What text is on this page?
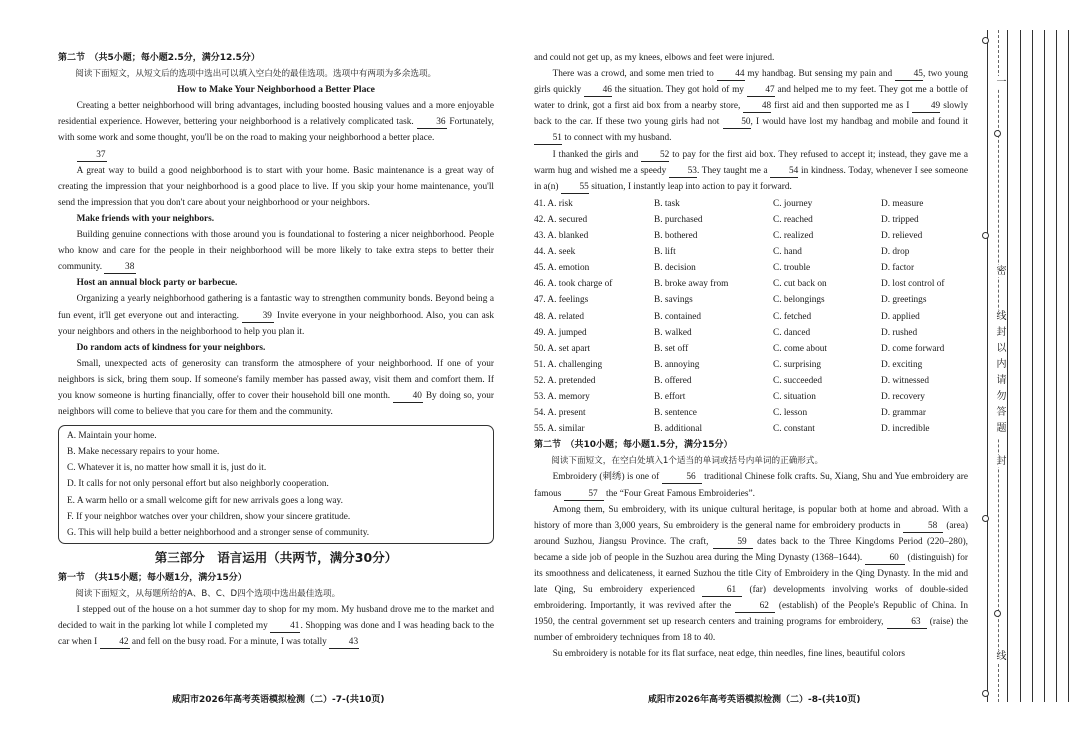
第二节　（共5小题；每小题2.5分，满分12.5分）

阅读下面短文，从短文后的选项中选出可以填入空白处的最佳选项。选项中有两项为多余选项。

How to Make Your Neighborhood a Better Place

Creating a better neighborhood will bring advantages, including boosted housing values and a more enjoyable residential experience. However, bettering your neighborhood is a relatively complicated task. 36 Fortunately, with some work and some thought, you'll be on the road to making your neighborhood a better place.

37

A great way to build a good neighborhood is to start with your home. Basic maintenance is a great way of creating the impression that your neighborhood is a good place to live. If you skip your home maintenance, you'll send the impression that you don't care about your neighborhood or your neighbors.

Make friends with your neighbors.

Building genuine connections with those around you is foundational to fostering a nicer neighborhood. People who know and care for the people in their neighborhood will be more likely to take extra steps to better their community. 38

Host an annual block party or barbecue.

Organizing a yearly neighborhood gathering is a fantastic way to strengthen community bonds. Beyond being a fun event, it'll get everyone out and interacting.	39 Invite everyone in your neighborhood. Also, you can ask your neighbors and others in the neighborhood to help you plan it.

Do random acts of kindness for your neighbors.

Small, unexpected acts of generosity can transform the atmosphere of your neighborhood. If one of your neighbors is sick, bring them soup. If someone's family member has passed away, visit them and comfort them. If you know someone is hurting financially, offer to cover their household bill one month. 40 By doing so, your neighbors will come to believe that you care for them and the community.

A. Maintain your home.

B. Make necessary repairs to your home.

C. Whatever it is, no matter how small it is, just do it.

D. It calls for not only personal effort but also neighborly cooperation.

E. A warm hello or a small welcome gift for new arrivals goes a long way.

F. If your neighbor watches over your children, show your sincere gratitude.

G. This will help build a better neighborhood and a stronger sense of community.

第三部分　语言运用（共两节，满分30分）

第一节　（共15小题；每小题1分，满分15分）

阅读下面短文，从每题所给的A、B、C、D四个选项中选出最佳选项。

I stepped out of the house on a hot summer day to shop for my mom. My husband drove me to the market and decided to wait in the parking lot while I completed my 41. Shopping was done and I was heading back to the car when I 42 and fell on the busy road. For a minute, I was totally 43

咸阳市2026年高考英语模拟检测（二）-7-(共10页)

and could not get up, as my knees, elbows and feet were injured.

There was a crowd, and some men tried to 44 my handbag. But sensing my pain and 45, two young girls quickly 46 the situation. They got hold of my 47 and helped me to my feet. They got me a bottle of water to drink, got a first aid box from a nearby store, 48 first aid and then supported me as I 49 slowly back to the car. If these two young girls had not 50, I would have lost my handbag and mobile and found it 51 to connect with my husband.

I thanked the girls and 52 to pay for the first aid box. They refused to accept it; instead, they gave me a warm hug and wished me a speedy 53. They taught me a 54 in kindness. Today, whenever I see someone in a(n) 55 situation, I instantly leap into action to pay it forward.

41. A. risk	B. task	C. journey	D. measure
42. A. secured	B. purchased	C. reached	D. tripped
43. A. blanked	B. bothered	C. realized	D. relieved
44. A. seek	B. lift	C. hand	D. drop
45. A. emotion	B. decision	C. trouble	D. factor
46. A. took charge of	B. broke away from	C. cut back on	D. lost control of
47. A. feelings	B. savings	C. belongings	D. greetings
48. A. related	B. contained	C. fetched	D. applied
49. A. jumped	B. walked	C. danced	D. rushed
50. A. set apart	B. set off	C. come about	D. come forward
51. A. challenging	B. annoying	C. surprising	D. exciting
52. A. pretended	B. offered	C. succeeded	D. witnessed
53. A. memory	B. effort	C. situation	D. recovery
54. A. present	B. sentence	C. lesson	D. grammar
55. A. similar	B. additional	C. constant	D. incredible

第二节　（共10小题；每小题1.5分，满分15分）

阅读下面短文，在空白处填入1个适当的单词或括号内单词的正确形式。

Embroidery (刺绣) is one of	56 traditional Chinese folk crafts. Su, Xiang, Shu and Yue embroidery are famous	57 the “Four Great Famous Embroideries”.

Among them, Su embroidery, with its unique cultural heritage, is popular both at home and abroad. With a history of more than 3,000 years, Su embroidery is the general name for embroidery products in	58 (area) around Suzhou, Jiangsu Province. The craft,	59 dates back to the Three Kingdoms Period (220–280), became a side job of people in the Suzhou area during the Ming Dynasty (1368–1644).	60 (distinguish) for its smoothness and delicateness, it earned Suzhou the title City of Embroidery in the Qing Dynasty. In the mid and late Qing, Su embroidery experienced	61 (far) developments involving works of double-sided embroidering. Importantly, it was revived after the	62 (establish) of the People's Republic of China. In 1950, the central government set up research centers and training programs for embroidery,	63 (raise) the number of embroidery techniques from 18 to 40.

Su embroidery is notable for its flat surface, neat edge, thin needles, fine lines, beautiful colors

咸阳市2026年高考英语模拟检测（二）-8-(共10页)
一
密
线封以内请勿答题
封
线
